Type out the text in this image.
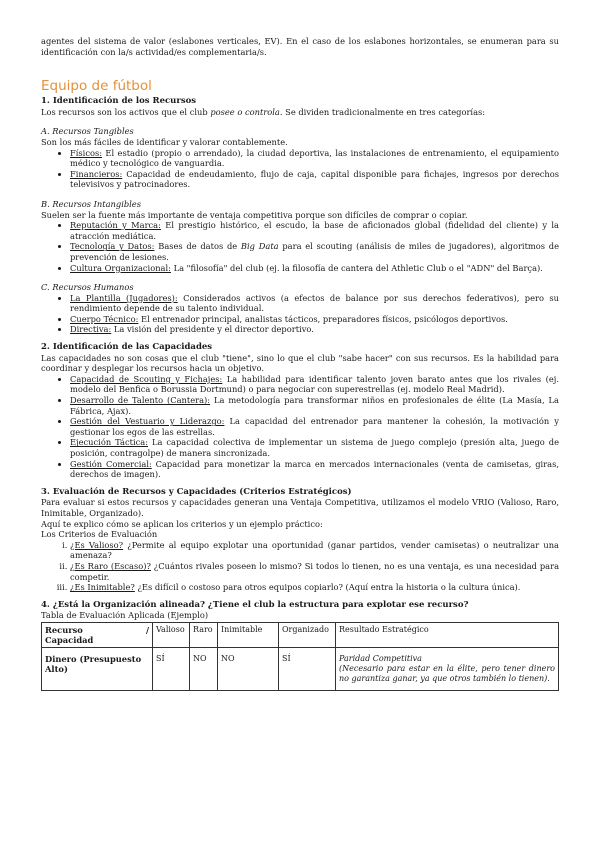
agentes del sistema de valor (eslabones verticales, EV). En el caso de los eslabones horizontales, se enumeran para su identificación con la/s actividad/es complementaria/s.

Equipo de fútbol

1. Identificación de los Recursos

Los recursos son los activos que el club posee o controla. Se dividen tradicionalmente en tres categorías:

A. Recursos Tangibles

Son los más fáciles de identificar y valorar contablemente.

• Físicos: El estadio (propio o arrendado), la ciudad deportiva, las instalaciones de entrenamiento, el equipamiento médico y tecnológico de vanguardia.
• Financieros: Capacidad de endeudamiento, flujo de caja, capital disponible para fichajes, ingresos por derechos televisivos y patrocinadores.

B. Recursos Intangibles

Suelen ser la fuente más importante de ventaja competitiva porque son difíciles de comprar o copiar.

• Reputación y Marca: El prestigio histórico, el escudo, la base de aficionados global (fidelidad del cliente) y la atracción mediática.
• Tecnología y Datos: Bases de datos de Big Data para el scouting (análisis de miles de jugadores), algoritmos de prevención de lesiones.
• Cultura Organizacional: La "filosofía" del club (ej. la filosofía de cantera del Athletic Club o el "ADN" del Barça).

C. Recursos Humanos

• La Plantilla (Jugadores): Considerados activos (a efectos de balance por sus derechos federativos), pero su rendimiento depende de su talento individual.
• Cuerpo Técnico: El entrenador principal, analistas tácticos, preparadores físicos, psicólogos deportivos.
• Directiva: La visión del presidente y el director deportivo.

2. Identificación de las Capacidades

Las capacidades no son cosas que el club "tiene", sino lo que el club "sabe hacer" con sus recursos. Es la habilidad para coordinar y desplegar los recursos hacia un objetivo.

• Capacidad de Scouting y Fichajes: La habilidad para identificar talento joven barato antes que los rivales (ej. modelo del Benfica o Borussia Dortmund) o para negociar con superestrellas (ej. modelo Real Madrid).
• Desarrollo de Talento (Cantera): La metodología para transformar niños en profesionales de élite (La Masía, La Fábrica, Ajax).
• Gestión del Vestuario y Liderazgo: La capacidad del entrenador para mantener la cohesión, la motivación y gestionar los egos de las estrellas.
• Ejecución Táctica: La capacidad colectiva de implementar un sistema de juego complejo (presión alta, juego de posición, contragolpe) de manera sincronizada.
• Gestión Comercial: Capacidad para monetizar la marca en mercados internacionales (venta de camisetas, giras, derechos de imagen).

3. Evaluación de Recursos y Capacidades (Criterios Estratégicos)

Para evaluar si estos recursos y capacidades generan una Ventaja Competitiva, utilizamos el modelo VRIO (Valioso, Raro, Inimitable, Organizado).

Aquí te explico cómo se aplican los criterios y un ejemplo práctico:

Los Criterios de Evaluación

i. ¿Es Valioso? ¿Permite al equipo explotar una oportunidad (ganar partidos, vender camisetas) o neutralizar una amenaza?
ii. ¿Es Raro (Escaso)? ¿Cuántos rivales poseen lo mismo? Si todos lo tienen, no es una ventaja, es una necesidad para competir.
iii. ¿Es Inimitable? ¿Es difícil o costoso para otros equipos copiarlo? (Aquí entra la historia o la cultura única).

4. ¿Está la Organización alineada? ¿Tiene el club la estructura para explotar ese recurso?

Tabla de Evaluación Aplicada (Ejemplo)

Recurso /
Capacidad	Valioso	Raro	Inimitable	Organizado	Resultado Estratégico
Dinero (Presupuesto Alto)	SÍ	NO	NO	SÍ	Paridad Competitiva
(Necesario para estar en la élite, pero tener dinero no garantiza ganar, ya que otros también lo tienen).
